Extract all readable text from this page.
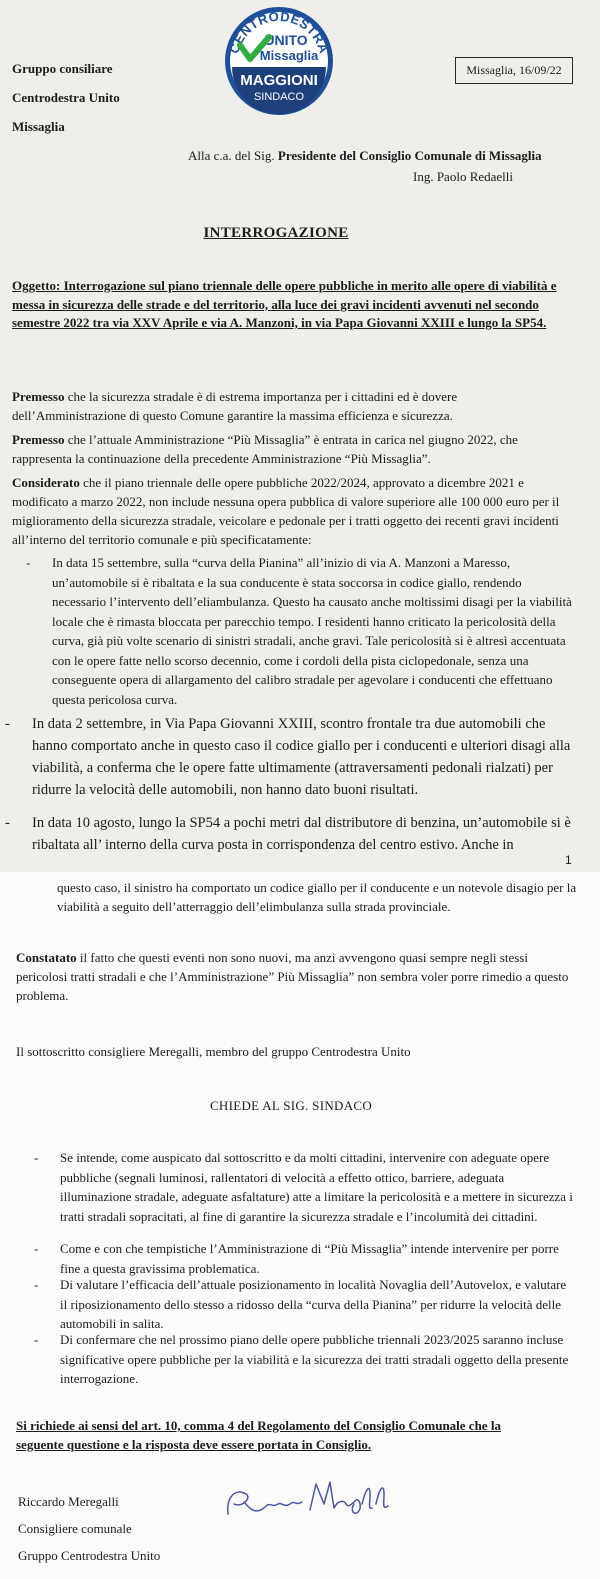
Gruppo consiliare
Centrodestra Unito
Missaglia
CENTRODESTRA
UNITO
Missaglia
MAGGIONI
SINDACO
Missaglia, 16/09/22
Alla c.a. del Sig. Presidente del Consiglio Comunale di Missaglia
Ing. Paolo Redaelli
INTERROGAZIONE
Oggetto: Interrogazione sul piano triennale delle opere pubbliche in merito alle opere di viabilità e messa in sicurezza delle strade e del territorio, alla luce dei gravi incidenti avvenuti nel secondo semestre 2022 tra via XXV Aprile e via A. Manzoni, in via Papa Giovanni XXIII e lungo la SP54.
Premesso che la sicurezza stradale è di estrema importanza per i cittadini ed è dovere dell’Amministrazione di questo Comune garantire la massima efficienza e sicurezza.
Premesso che l’attuale Amministrazione “Più Missaglia” è entrata in carica nel giugno 2022, che rappresenta la continuazione della precedente Amministrazione “Più Missaglia”.
Considerato che il piano triennale delle opere pubbliche 2022/2024, approvato a dicembre 2021 e modificato a marzo 2022, non include nessuna opera pubblica di valore superiore alle 100 000 euro per il miglioramento della sicurezza stradale, veicolare e pedonale per i tratti oggetto dei recenti gravi incidenti all’interno del territorio comunale e più specificatamente:
- In data 15 settembre, sulla “curva della Pianina” all’inizio di via A. Manzoni a Maresso, un’automobile si è ribaltata e la sua conducente è stata soccorsa in codice giallo, rendendo necessario l’intervento dell’eliambulanza. Questo ha causato anche moltissimi disagi per la viabilità locale che è rimasta bloccata per parecchio tempo. I residenti hanno criticato la pericolosità della curva, già più volte scenario di sinistri stradali, anche gravi. Tale pericolosità si è altresì accentuata con le opere fatte nello scorso decennio, come i cordoli della pista ciclopedonale, senza una conseguente opera di allargamento del calibro stradale per agevolare i conducenti che effettuano questa pericolosa curva.
- In data 2 settembre, in Via Papa Giovanni XXIII, scontro frontale tra due automobili che hanno comportato anche in questo caso il codice giallo per i conducenti e ulteriori disagi alla viabilità, a conferma che le opere fatte ultimamente (attraversamenti pedonali rialzati) per ridurre la velocità delle automobili, non hanno dato buoni risultati.
- In data 10 agosto, lungo la SP54 a pochi metri dal distributore di benzina, un’automobile si è ribaltata all’ interno della curva posta in corrispondenza del centro estivo. Anche in
1
questo caso, il sinistro ha comportato un codice giallo per il conducente e un notevole disagio per la viabilità a seguito dell’atterraggio dell’elimbulanza sulla strada provinciale.
Constatato il fatto che questi eventi non sono nuovi, ma anzi avvengono quasi sempre negli stessi pericolosi tratti stradali e che l’Amministrazione” Più Missaglia” non sembra voler porre rimedio a questo problema.
Il sottoscritto consigliere Meregalli, membro del gruppo Centrodestra Unito
CHIEDE AL SIG. SINDACO
- Se intende, come auspicato dal sottoscritto e da molti cittadini, intervenire con adeguate opere pubbliche (segnali luminosi, rallentatori di velocità a effetto ottico, barriere, adeguata illuminazione stradale, adeguate asfaltature) atte a limitare la pericolosità e a mettere in sicurezza i tratti stradali sopracitati, al fine di garantire la sicurezza stradale e l’incolumità dei cittadini.
- Come e con che tempistiche l’Amministrazione di “Più Missaglia” intende intervenire per porre fine a questa gravissima problematica.
- Di valutare l’efficacia dell’attuale posizionamento in località Novaglia dell’Autovelox, e valutare il riposizionamento dello stesso a ridosso della “curva della Pianina” per ridurre la velocità delle automobili in salita.
- Di confermare che nel prossimo piano delle opere pubbliche triennali 2023/2025 saranno incluse significative opere pubbliche per la viabilità e la sicurezza dei tratti stradali oggetto della presente interrogazione.
Si richiede ai sensi del art. 10, comma 4 del Regolamento del Consiglio Comunale che la seguente questione e la risposta deve essere portata in Consiglio.
Riccardo Meregalli
Consigliere comunale
Gruppo Centrodestra Unito
